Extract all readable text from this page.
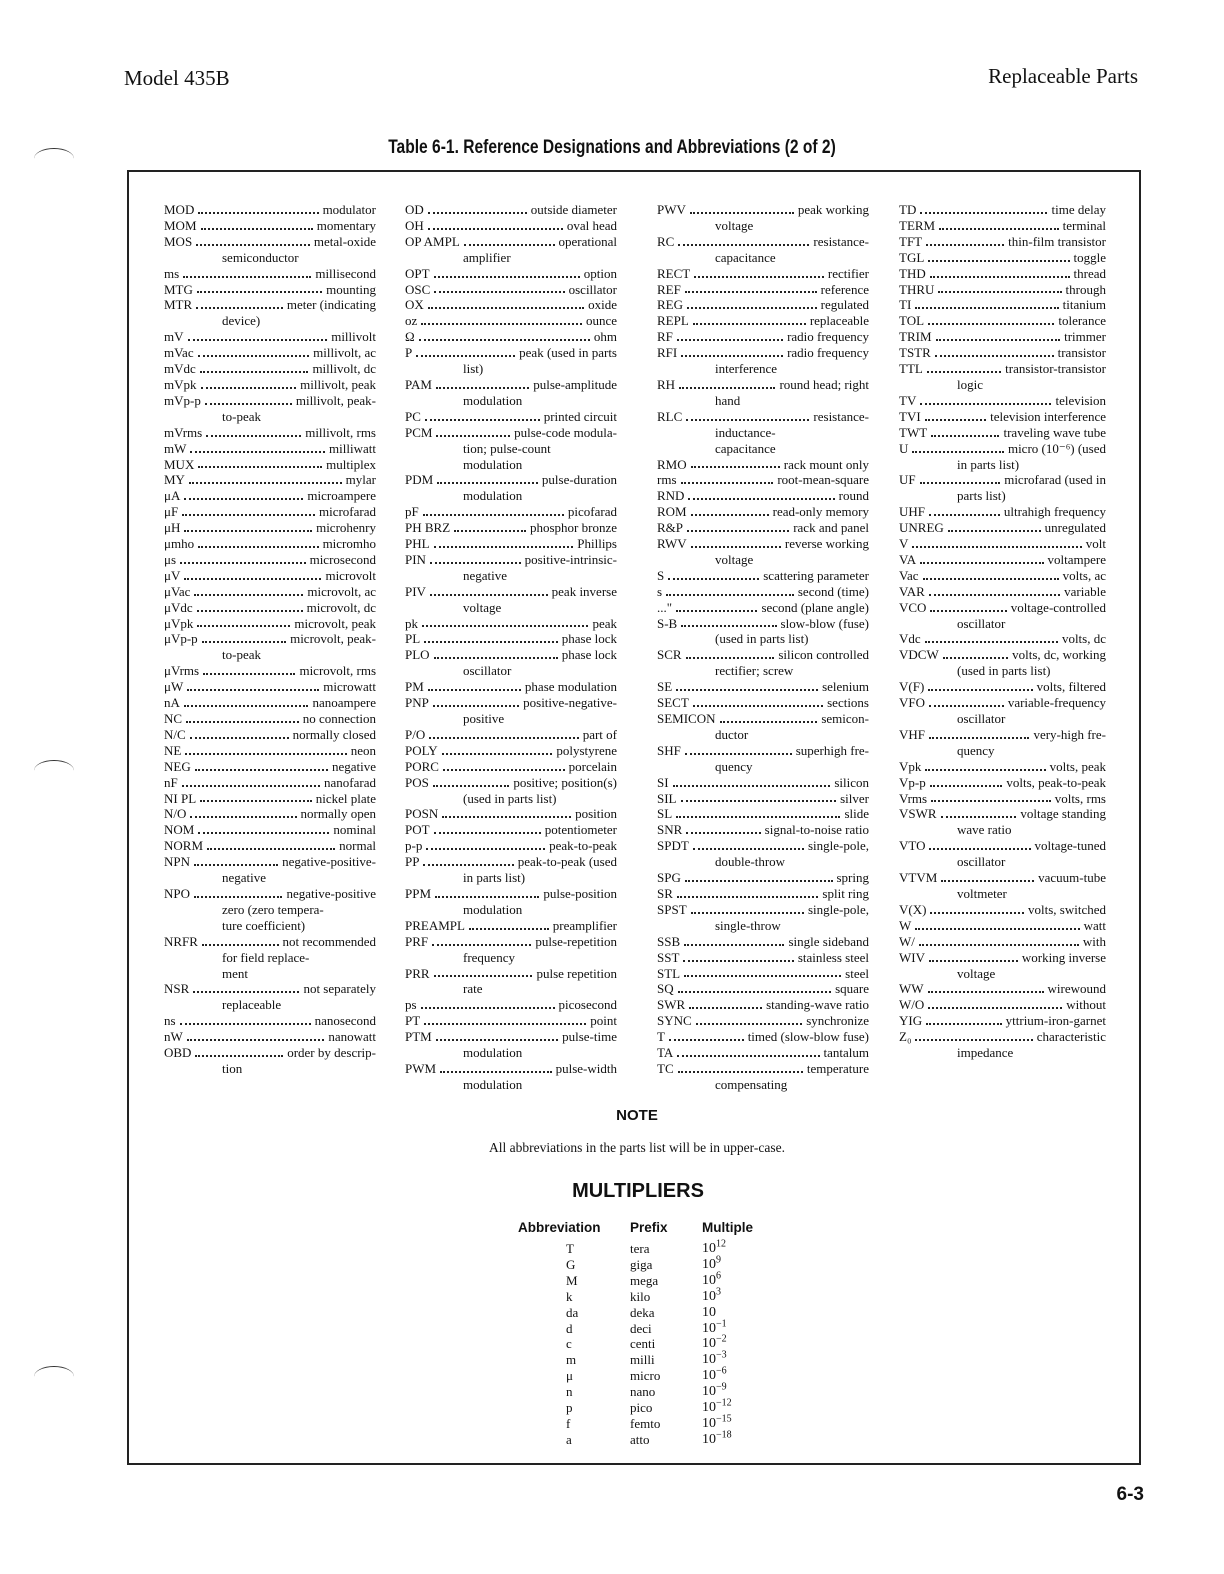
Model 435B	Replaceable Parts
Table 6-1. Reference Designations and Abbreviations (2 of 2)
MOD	modulator
MOM	momentary
MOS	metal-oxide
semiconductor
ms	millisecond
MTG	mounting
MTR	meter (indicating
device)
mV	millivolt
mVac	millivolt, ac
mVdc	millivolt, dc
mVpk	millivolt, peak
mVp-p	millivolt, peak-
to-peak
mVrms	millivolt, rms
mW	milliwatt
MUX	multiplex
MY	mylar
μA	microampere
μF	microfarad
μH	microhenry
μmho	micromho
μs	microsecond
μV	microvolt
μVac	microvolt, ac
μVdc	microvolt, dc
μVpk	microvolt, peak
μVp-p	microvolt, peak-
to-peak
μVrms	microvolt, rms
μW	microwatt
nA	nanoampere
NC	no connection
N/C	normally closed
NE	neon
NEG	negative
nF	nanofarad
NI PL	nickel plate
N/O	normally open
NOM	nominal
NORM	normal
NPN	negative-positive-
negative
NPO	negative-positive
zero (zero tempera-
ture coefficient)
NRFR	not recommended
for field replace-
ment
NSR	not separately
replaceable
ns	nanosecond
nW	nanowatt
OBD	order by descrip-
tion
OD	outside diameter
OH	oval head
OP AMPL	operational
amplifier
OPT	option
OSC	oscillator
OX	oxide
oz	ounce
Ω	ohm
P	peak (used in parts
list)
PAM	pulse-amplitude
modulation
PC	printed circuit
PCM	pulse-code modula-
tion; pulse-count
modulation
PDM	pulse-duration
modulation
pF	picofarad
PH BRZ	phosphor bronze
PHL	Phillips
PIN	positive-intrinsic-
negative
PIV	peak inverse
voltage
pk	peak
PL	phase lock
PLO	phase lock
oscillator
PM	phase modulation
PNP	positive-negative-
positive
P/O	part of
POLY	polystyrene
PORC	porcelain
POS	positive; position(s)
(used in parts list)
POSN	position
POT	potentiometer
p-p	peak-to-peak
PP	peak-to-peak (used
in parts list)
PPM	pulse-position
modulation
PREAMPL	preamplifier
PRF	pulse-repetition
frequency
PRR	pulse repetition
rate
ps	picosecond
PT	point
PTM	pulse-time
modulation
PWM	pulse-width
modulation
PWV	peak working
voltage
RC	resistance-
capacitance
RECT	rectifier
REF	reference
REG	regulated
REPL	replaceable
RF	radio frequency
RFI	radio frequency
interference
RH	round head; right
hand
RLC	resistance-
inductance-
capacitance
RMO	rack mount only
rms	root-mean-square
RND	round
ROM	read-only memory
R&P	rack and panel
RWV	reverse working
voltage
S	scattering parameter
s	second (time)
..."	second (plane angle)
S-B	slow-blow (fuse)
(used in parts list)
SCR	silicon controlled
rectifier; screw
SE	selenium
SECT	sections
SEMICON	semicon-
ductor
SHF	superhigh fre-
quency
SI	silicon
SIL	silver
SL	slide
SNR	signal-to-noise ratio
SPDT	single-pole,
double-throw
SPG	spring
SR	split ring
SPST	single-pole,
single-throw
SSB	single sideband
SST	stainless steel
STL	steel
SQ	square
SWR	standing-wave ratio
SYNC	synchronize
T	timed (slow-blow fuse)
TA	tantalum
TC	temperature
compensating
TD	time delay
TERM	terminal
TFT	thin-film transistor
TGL	toggle
THD	thread
THRU	through
TI	titanium
TOL	tolerance
TRIM	trimmer
TSTR	transistor
TTL	transistor-transistor
logic
TV	television
TVI	television interference
TWT	traveling wave tube
U	micro (10⁻⁶) (used
in parts list)
UF	microfarad (used in
parts list)
UHF	ultrahigh frequency
UNREG	unregulated
V	volt
VA	voltampere
Vac	volts, ac
VAR	variable
VCO	voltage-controlled
oscillator
Vdc	volts, dc
VDCW	volts, dc, working
(used in parts list)
V(F)	volts, filtered
VFO	variable-frequency
oscillator
VHF	very-high fre-
quency
Vpk	volts, peak
Vp-p	volts, peak-to-peak
Vrms	volts, rms
VSWR	voltage standing
wave ratio
VTO	voltage-tuned
oscillator
VTVM	vacuum-tube
voltmeter
V(X)	volts, switched
W	watt
W/	with
WIV	working inverse
voltage
WW	wirewound
W/O	without
YIG	yttrium-iron-garnet
Z₀	characteristic
impedance
NOTE
All abbreviations in the parts list will be in upper-case.
MULTIPLIERS
Abbreviation	Prefix	Multiple
T	tera	$10^{12}$
G	giga	$10^9$
M	mega	$10^6$
k	kilo	$10^3$
da	deka	10
d	deci	$10^{-1}$
c	centi	$10^{-2}$
m	milli	$10^{-3}$
μ	micro	$10^{-6}$
n	nano	$10^{-9}$
p	pico	$10^{-12}$
f	femto	$10^{-15}$
a	atto	$10^{-18}$
6-3
